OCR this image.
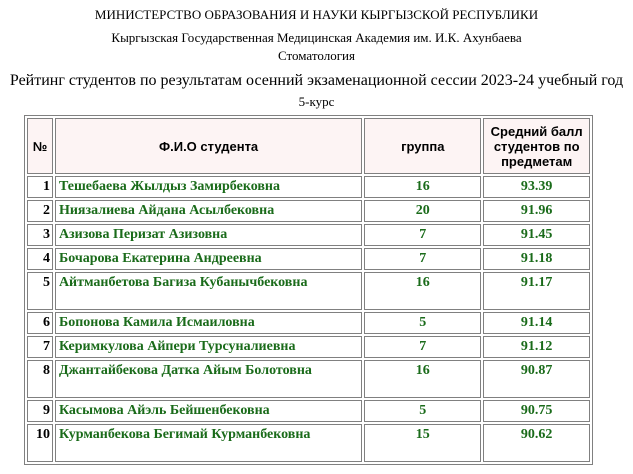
МИНИСТЕРСТВО ОБРАЗОВАНИЯ И НАУКИ КЫРГЫЗСКОЙ РЕСПУБЛИКИ
Кыргызская Государственная Медицинская Академия им. И.К. Ахунбаева
Стоматология
Рейтинг студентов по результатам осенний экзаменационной сессии 2023-24 учебный год
5-курс
№	Ф.И.О студента	группа	Средний балл студентов по предметам
1	Тешебаева Жылдыз Замирбековна	16	93.39
2	Ниязалиева Айдана Асылбековна	20	91.96
3	Азизова Перизат Азизовна	7	91.45
4	Бочарова Екатерина Андреевна	7	91.18
5	Айтманбетова Багиза Кубанычбековна	16	91.17
6	Бопонова Камила Исмаиловна	5	91.14
7	Керимкулова Айпери Турсуналиевна	7	91.12
8	Джантайбекова Датка Айым Болотовна	16	90.87
9	Касымова Айэль Бейшенбековна	5	90.75
10	Курманбекова Бегимай Курманбековна	15	90.62
